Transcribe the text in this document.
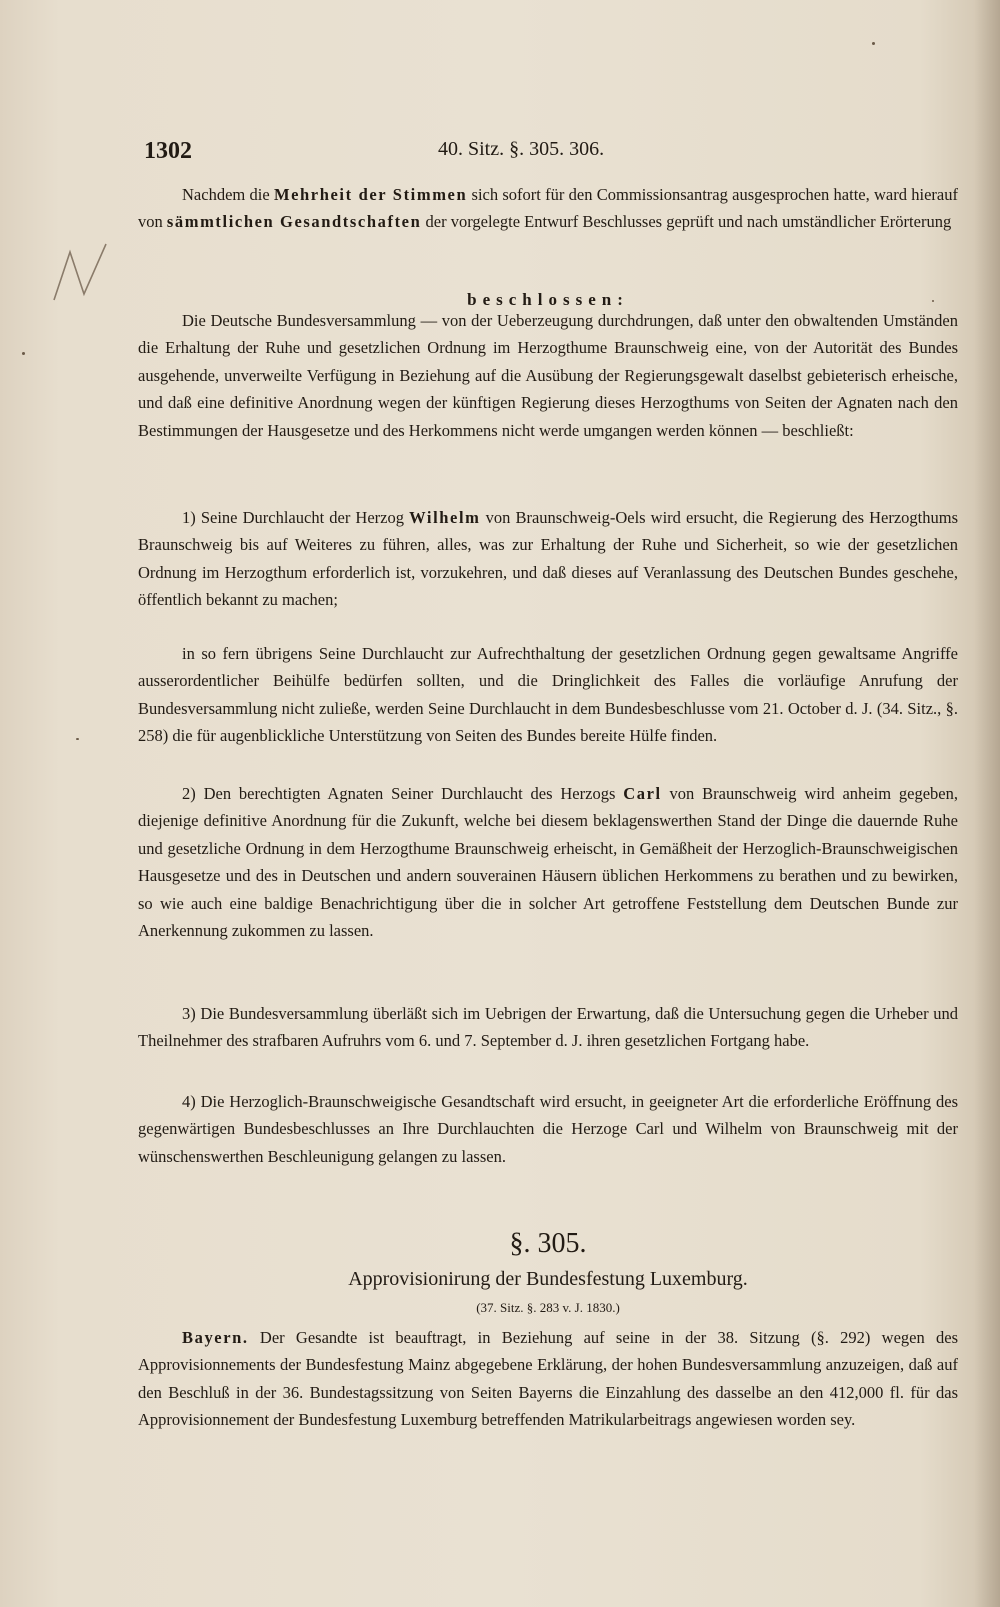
1302	40. Sitz. §. 305. 306.

Nachdem die Mehrheit der Stimmen sich sofort für den Commissionsantrag ausgesprochen hatte, ward hierauf von sämmtlichen Gesandtschaften der vorgelegte Entwurf Beschlusses geprüft und nach umständlicher Erörterung

beschlossen:

Die Deutsche Bundesversammlung — von der Ueberzeugung durchdrungen, daß unter den obwaltenden Umständen die Erhaltung der Ruhe und gesetzlichen Ordnung im Herzogthume Braunschweig eine, von der Autorität des Bundes ausgehende, unverweilte Verfügung in Beziehung auf die Ausübung der Regierungsgewalt daselbst gebieterisch erheische, und daß eine definitive Anordnung wegen der künftigen Regierung dieses Herzogthums von Seiten der Agnaten nach den Bestimmungen der Hausgesetze und des Herkommens nicht werde umgangen werden können — beschließt:

1) Seine Durchlaucht der Herzog Wilhelm von Braunschweig-Oels wird ersucht, die Regierung des Herzogthums Braunschweig bis auf Weiteres zu führen, alles, was zur Erhaltung der Ruhe und Sicherheit, so wie der gesetzlichen Ordnung im Herzogthum erforderlich ist, vorzukehren, und daß dieses auf Veranlassung des Deutschen Bundes geschehe, öffentlich bekannt zu machen;

in so fern übrigens Seine Durchlaucht zur Aufrechthaltung der gesetzlichen Ordnung gegen gewaltsame Angriffe ausserordentlicher Beihülfe bedürfen sollten, und die Dringlichkeit des Falles die vorläufige Anrufung der Bundesversammlung nicht zuließe, werden Seine Durchlaucht in dem Bundesbeschlusse vom 21. October d. J. (34. Sitz., §. 258) die für augenblickliche Unterstützung von Seiten des Bundes bereite Hülfe finden.

2) Den berechtigten Agnaten Seiner Durchlaucht des Herzogs Carl von Braunschweig wird anheim gegeben, diejenige definitive Anordnung für die Zukunft, welche bei diesem beklagenswerthen Stand der Dinge die dauernde Ruhe und gesetzliche Ordnung in dem Herzogthume Braunschweig erheischt, in Gemäßheit der Herzoglich-Braunschweigischen Hausgesetze und des in Deutschen und andern souverainen Häusern üblichen Herkommens zu berathen und zu bewirken, so wie auch eine baldige Benachrichtigung über die in solcher Art getroffene Feststellung dem Deutschen Bunde zur Anerkennung zukommen zu lassen.

3) Die Bundesversammlung überläßt sich im Uebrigen der Erwartung, daß die Untersuchung gegen die Urheber und Theilnehmer des strafbaren Aufruhrs vom 6. und 7. September d. J. ihren gesetzlichen Fortgang habe.

4) Die Herzoglich-Braunschweigische Gesandtschaft wird ersucht, in geeigneter Art die erforderliche Eröffnung des gegenwärtigen Bundesbeschlusses an Ihre Durchlauchten die Herzoge Carl und Wilhelm von Braunschweig mit der wünschenswerthen Beschleunigung gelangen zu lassen.

§. 305.
Approvisionirung der Bundesfestung Luxemburg.
(37. Sitz. §. 283 v. J. 1830.)

Bayern. Der Gesandte ist beauftragt, in Beziehung auf seine in der 38. Sitzung (§. 292) wegen des Approvisionnements der Bundesfestung Mainz abgegebene Erklärung, der hohen Bundesversammlung anzuzeigen, daß auf den Beschluß in der 36. Bundestagssitzung von Seiten Bayerns die Einzahlung des dasselbe an den 412,000 fl. für das Approvisionnement der Bundesfestung Luxemburg betreffenden Matrikularbeitrags angewiesen worden sey.
